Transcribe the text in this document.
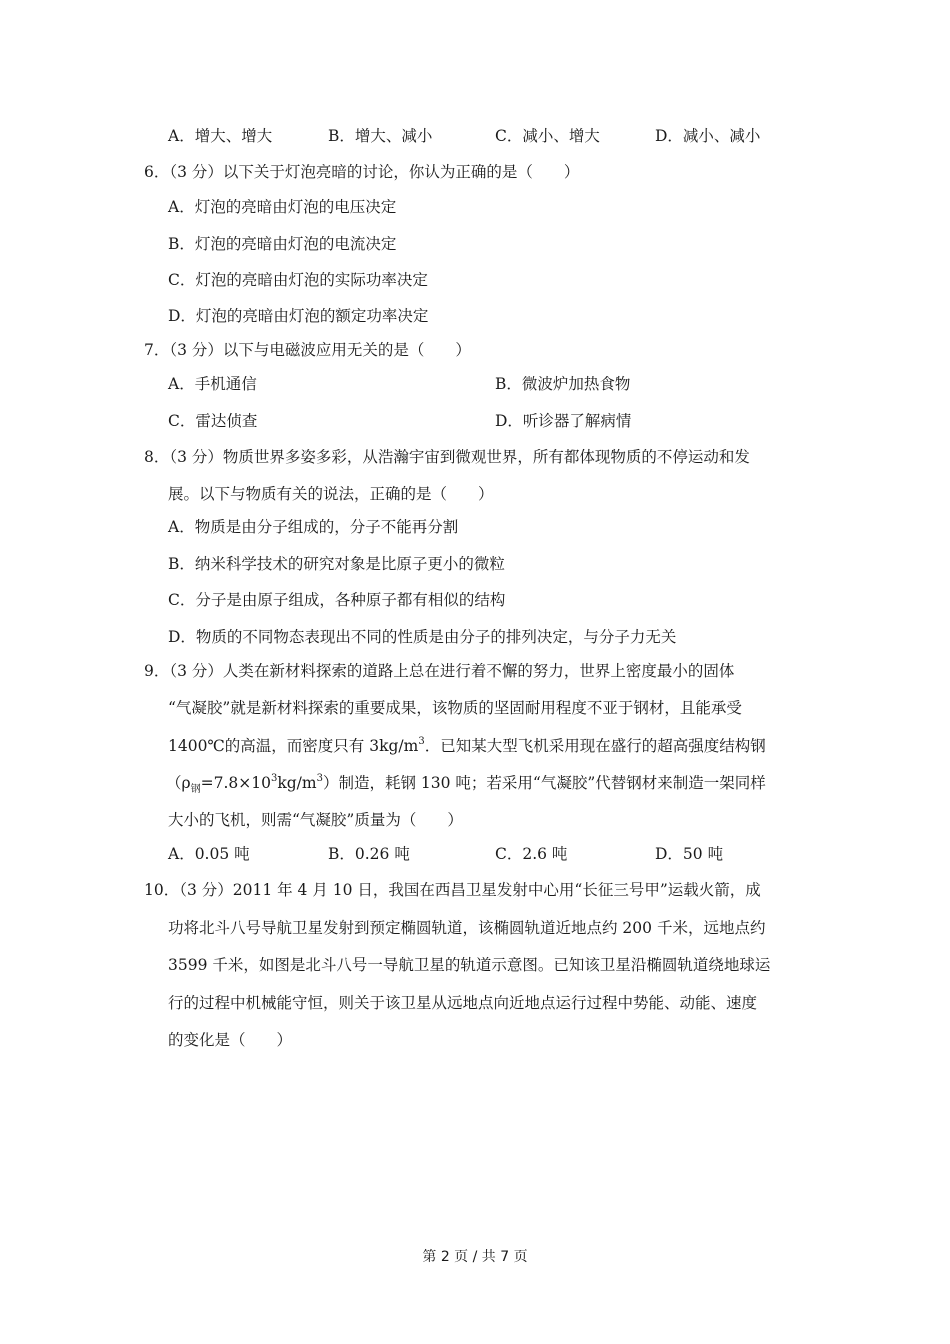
A．增大、增大	B．增大、减小	C．减小、增大	D．减小、减小
6．（3 分）以下关于灯泡亮暗的讨论，你认为正确的是（　　）
A．灯泡的亮暗由灯泡的电压决定
B．灯泡的亮暗由灯泡的电流决定
C．灯泡的亮暗由灯泡的实际功率决定
D．灯泡的亮暗由灯泡的额定功率决定
7．（3 分）以下与电磁波应用无关的是（　　）
A．手机通信	B．微波炉加热食物
C．雷达侦查	D．听诊器了解病情
8．（3 分）物质世界多姿多彩，从浩瀚宇宙到微观世界，所有都体现物质的不停运动和发
展。以下与物质有关的说法，正确的是（　　）
A．物质是由分子组成的，分子不能再分割
B．纳米科学技术的研究对象是比原子更小的微粒
C．分子是由原子组成，各种原子都有相似的结构
D．物质的不同物态表现出不同的性质是由分子的排列决定，与分子力无关
9．（3 分）人类在新材料探索的道路上总在进行着不懈的努力，世界上密度最小的固体
“气凝胶”就是新材料探索的重要成果，该物质的坚固耐用程度不亚于钢材，且能承受
1400℃的高温，而密度只有 $3kg/m^3$．已知某大型飞机采用现在盛行的超高强度结构钢
$(\rho_钢=7.8\times 10^3kg/m^3)$制造，耗钢 130 吨；若采用“气凝胶”代替钢材来制造一架同样
大小的飞机，则需“气凝胶”质量为（　　）
A．0.05 吨	B．0.26 吨	C．2.6 吨	D．50 吨
10．（3 分）2011 年 4 月 10 日，我国在西昌卫星发射中心用“长征三号甲”运载火箭，成
功将北斗八号导航卫星发射到预定椭圆轨道，该椭圆轨道近地点约 200 千米，远地点约
3599 千米，如图是北斗八号一导航卫星的轨道示意图。已知该卫星沿椭圆轨道绕地球运
行的过程中机械能守恒，则关于该卫星从远地点向近地点运行过程中势能、动能、速度
的变化是（　　）
第 2 页 / 共 7 页
